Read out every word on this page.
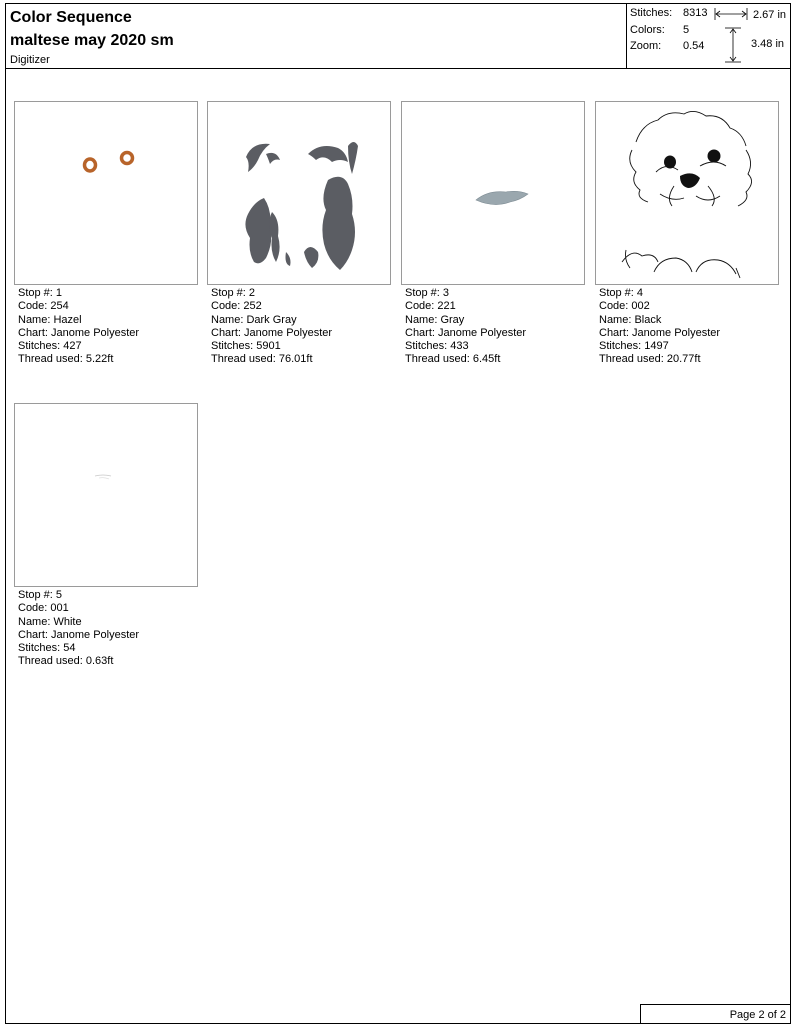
Color Sequence
maltese may 2020 sm
Digitizer
Stitches: 8313
Colors: 5
Zoom: 0.54
2.67 in
3.48 in
Stop #: 1
Code: 254
Name: Hazel
Chart: Janome Polyester
Stitches: 427
Thread used: 5.22ft
Stop #: 2
Code: 252
Name: Dark Gray
Chart: Janome Polyester
Stitches: 5901
Thread used: 76.01ft
Stop #: 3
Code: 221
Name: Gray
Chart: Janome Polyester
Stitches: 433
Thread used: 6.45ft
Stop #: 4
Code: 002
Name: Black
Chart: Janome Polyester
Stitches: 1497
Thread used: 20.77ft
Stop #: 5
Code: 001
Name: White
Chart: Janome Polyester
Stitches: 54
Thread used: 0.63ft
Page 2 of 2
